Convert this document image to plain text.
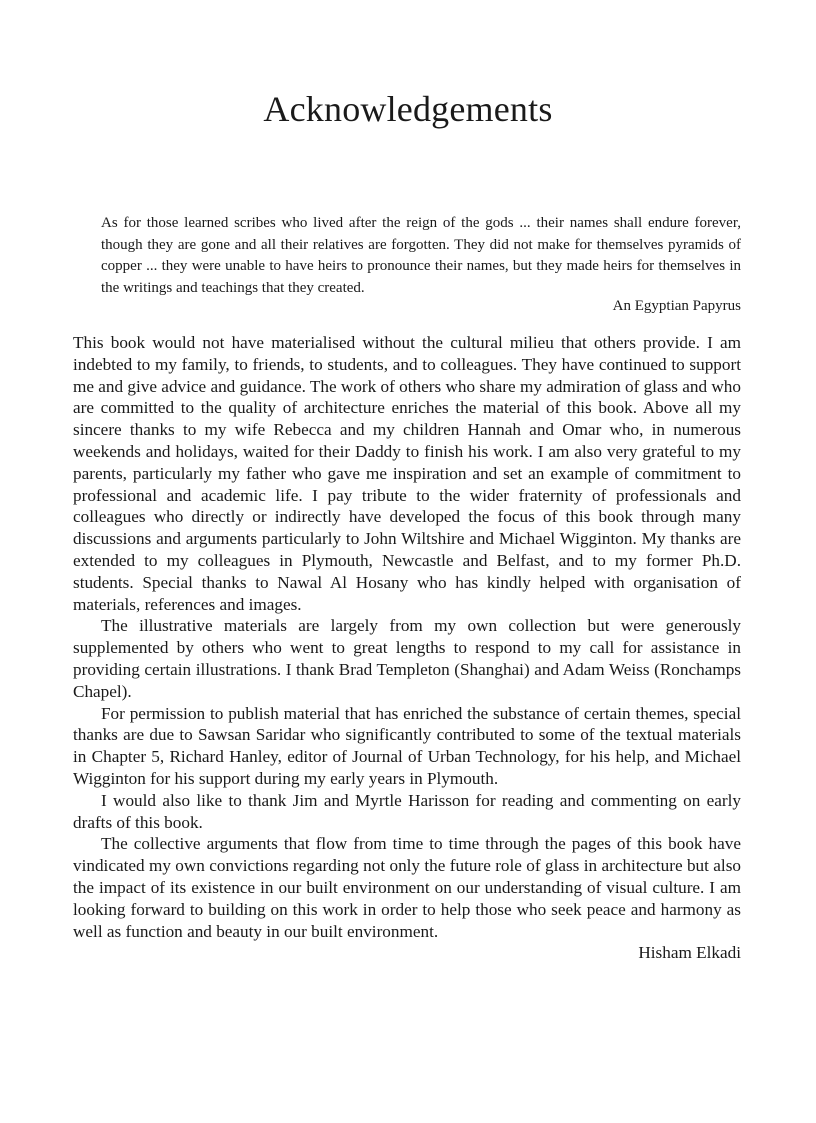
Acknowledgements

As for those learned scribes who lived after the reign of the gods ... their names shall endure forever, though they are gone and all their relatives are forgotten. They did not make for themselves pyramids of copper ... they were unable to have heirs to pronounce their names, but they made heirs for themselves in the writings and teachings that they created.

An Egyptian Papyrus

This book would not have materialised without the cultural milieu that others provide. I am indebted to my family, to friends, to students, and to colleagues. They have continued to support me and give advice and guidance. The work of others who share my admiration of glass and who are committed to the quality of architecture enriches the material of this book. Above all my sincere thanks to my wife Rebecca and my children Hannah and Omar who, in numerous weekends and holidays, waited for their Daddy to finish his work. I am also very grateful to my parents, particularly my father who gave me inspiration and set an example of commitment to professional and academic life. I pay tribute to the wider fraternity of professionals and colleagues who directly or indirectly have developed the focus of this book through many discussions and arguments particularly to John Wiltshire and Michael Wigginton. My thanks are extended to my colleagues in Plymouth, Newcastle and Belfast, and to my former Ph.D. students. Special thanks to Nawal Al Hosany who has kindly helped with organisation of materials, references and images.

The illustrative materials are largely from my own collection but were generously supplemented by others who went to great lengths to respond to my call for assistance in providing certain illustrations. I thank Brad Templeton (Shanghai) and Adam Weiss (Ronchamps Chapel).

For permission to publish material that has enriched the substance of certain themes, special thanks are due to Sawsan Saridar who significantly contributed to some of the textual materials in Chapter 5, Richard Hanley, editor of Journal of Urban Technology, for his help, and Michael Wigginton for his support during my early years in Plymouth.

I would also like to thank Jim and Myrtle Harisson for reading and commenting on early drafts of this book.

The collective arguments that flow from time to time through the pages of this book have vindicated my own convictions regarding not only the future role of glass in architecture but also the impact of its existence in our built environment on our understanding of visual culture. I am looking forward to building on this work in order to help those who seek peace and harmony as well as function and beauty in our built environment.

Hisham Elkadi
